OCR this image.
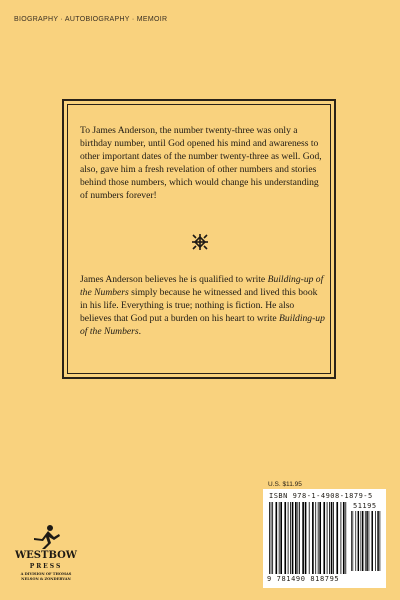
BIOGRAPHY · AUTOBIOGRAPHY · MEMOIR
To James Anderson, the number twenty-three was only a birthday number, until God opened his mind and awareness to other important dates of the number twenty-three as well. God, also, gave him a fresh revelation of other numbers and stories behind those numbers, which would change his understanding of numbers forever!
James Anderson believes he is qualified to write Building-up of the Numbers simply because he witnessed and lived this book in his life. Everything is true; nothing is fiction. He also believes that God put a burden on his heart to write Building-up of the Numbers.
U.S. $11.95
ISBN 978-1-4908-1879-5
51195
9 781490 818795
WESTBOW
PRESS
A DIVISION OF THOMAS NELSON & ZONDERVAN
